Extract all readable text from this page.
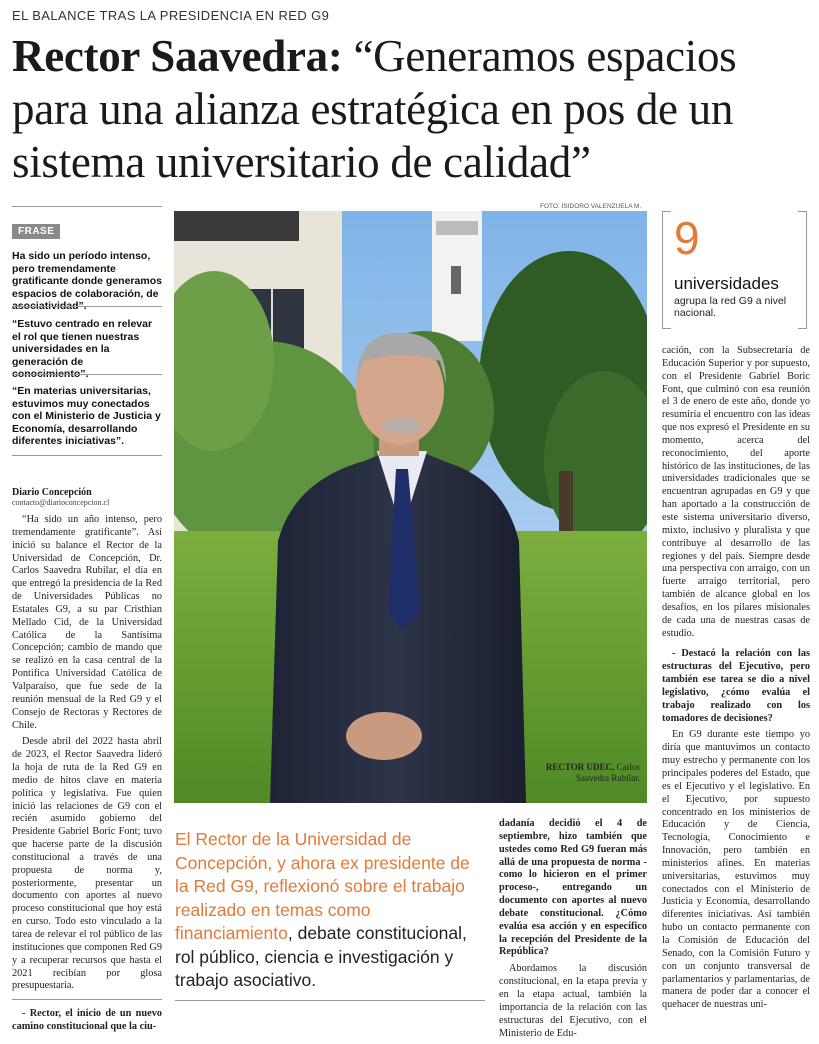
EL BALANCE TRAS LA PRESIDENCIA EN RED G9
Rector Saavedra: “Generamos espacios para una alianza estratégica en pos de un sistema universitario de calidad”
FRASE
Ha sido un período intenso, pero tremendamente gratificante donde generamos espacios de colaboración, de asociatividad”.
“Estuvo centrado en relevar el rol que tienen nuestras universidades en la generación de conocimiento”.
“En materias universitarias, estuvimos muy conectados con el Ministerio de Justicia y Economía, desarrollando diferentes iniciativas”.
Diario Concepción
contacto@diarioconcepcion.cl

“Ha sido un año intenso, pero tremendamente gratificante”. Así inició su balance el Rector de la Universidad de Concepción, Dr. Carlos Saavedra Rubilar, el día en que entregó la presidencia de la Red de Universidades Públicas no Estatales G9, a su par Cristhian Mellado Cid, de la Universidad Católica de la Santísima Concepción; cambio de mando que se realizó en la casa central de la Pontifica Universidad Católica de Valparaíso, que fue sede de la reunión mensual de la Red G9 y el Consejo de Rectoras y Rectores de Chile.

Desde abril del 2022 hasta abril de 2023, el Rector Saavedra lideró la hoja de ruta de la Red G9 en medio de hitos clave en materia política y legislativa. Fue quien inició las relaciones de G9 con el recién asumido gobierno del Presidente Gabriel Boric Font; tuvo que hacerse parte de la discusión constitucional a través de una propuesta de norma y, posteriormente, presentar un documento con aportes al nuevo proceso constitucional que hoy está en curso. Todo esto vinculado a la tarea de relevar el rol público de las instituciones que componen Red G9 y a recuperar recursos que hasta el 2021 recibían por glosa presupuestaria.

- Rector, el inicio de un nuevo camino constitucional que la ciu-

FOTO: ISIDORO VALENZUELA M.
RECTOR UDEC, Carlos Saavedra Rubilar.
9
universidades
agrupa la red G9 a nivel nacional.
El Rector de la Universidad de Concepción, y ahora ex presidente de la Red G9, reflexionó sobre el trabajo realizado en temas como financiamiento, debate constitucional, rol público, ciencia e investigación y trabajo asociativo.

dadanía decidió el 4 de septiembre, hizo también que ustedes como Red G9 fueran más allá de una propuesta de norma -como lo hicieron en el primer proceso-, entregando un documento con aportes al nuevo debate constitucional. ¿Cómo evalúa esa acción y en específico la recepción del Presidente de la República?

Abordamos la discusión constitucional, en la etapa previa y en la etapa actual, también la importancia de la relación con las estructuras del Ejecutivo, con el Ministerio de Edu-

cación, con la Subsecretaría de Educación Superior y por supuesto, con el Presidente Gabriel Boric Font, que culminó con esa reunión el 3 de enero de este año, donde yo resumiría el encuentro con las ideas que nos expresó el Presidente en su momento, acerca del reconocimiento, del aporte histórico de las instituciones, de las universidades tradicionales que se encuentran agrupadas en G9 y que han aportado a la construcción de este sistema universitario diverso, mixto, inclusivo y pluralista y que contribuye al desarrollo de las regiones y del país. Siempre desde una perspectiva con arraigo, con un fuerte arraigo territorial, pero también de alcance global en los desafíos, en los pilares misionales de cada una de nuestras casas de estudio.

- Destacó la relación con las estructuras del Ejecutivo, pero también ese tarea se dio a nivel legislativo, ¿cómo evalúa el trabajo realizado con los tomadores de decisiones?

En G9 durante este tiempo yo diría que mantuvimos un contacto muy estrecho y permanente con los principales poderes del Estado, que es el Ejecutivo y el legislativo. En el Ejecutivo, por supuesto concentrado en los ministerios de Educación y de Ciencia, Tecnología, Conocimiento e Innovación, pero también en ministerios afines. En materias universitarias, estuvimos muy conectados con el Ministerio de Justicia y Economía, desarrollando diferentes iniciativas. Así también hubo un contacto permanente con la Comisión de Educación del Senado, con la Comisión Futuro y con un conjunto transversal de parlamentarios y parlamentarias, de manera de poder dar a conocer el quehacer de nuestras uni-
